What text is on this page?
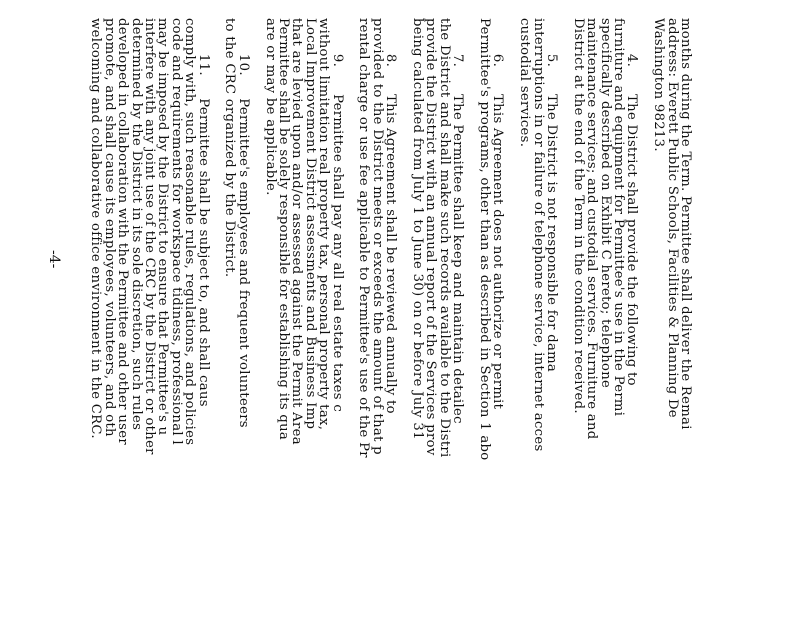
months during the Term. Permittee shall deliver the Remai
address: Everett Public Schools, Facilities & Planning De
Washington 98213.
4.      The District shall provide the following to
furniture and equipment for Permittee's use in the Permi
specifically described on Exhibit C hereto; telephone
maintenance services; and custodial services. Furniture and
District at the end of the Term in the condition received.
5.      The District is not responsible for dama
interruptions in or failure of telephone service, internet acces
custodial services.
6.      This Agreement does not authorize or permit
Permittee's programs, other than as described in Section 1 abo
7.      The Permittee shall keep and maintain detailec
the District and shall make such records available to the Distri
provide the District with an annual report of the Services prov
being calculated from July 1 to June 30) on or before July 31
8.      This Agreement shall be reviewed annually to
provided to the District meets or exceeds the amount of that p
rental charge or use fee applicable to Permittee's use of the Pr
9.      Permittee shall pay any all real estate taxes c
without limitation real property tax, personal property tax,
Local Improvement District assessments and Business Imp
that are levied upon and/or assessed against the Permit Area
Permittee shall be solely responsible for establishing its qua
are or may be applicable.
10.     Permittee's employees and frequent volunteers
to the CRC organized by the District.
11.     Permittee shall be subject to, and shall caus
comply with, such reasonable rules, regulations, and policies
code and requirements for workspace tidiness, professional l
may be imposed by the District to ensure that Permittee's u
interfere with any joint use of the CRC by the District or other
determined by the District in its sole discretion, such rules
developed in collaboration with the Permittee and other user
promote, and shall cause its employees, volunteers, and oth
welcoming and collaborative office environment in the CRC.
-4-
